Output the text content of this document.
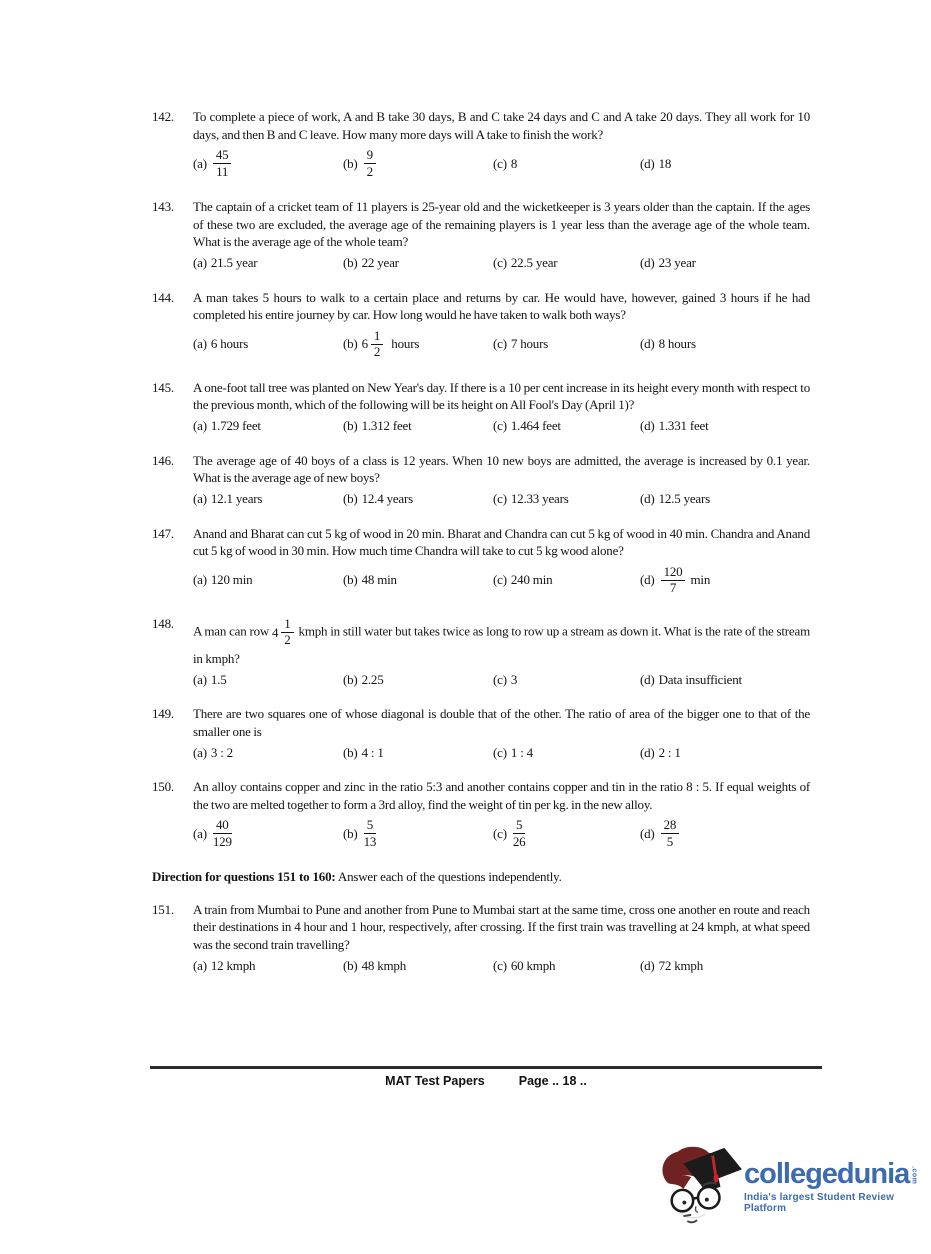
142.	To complete a piece of work, A and B take 30 days, B and C take 24 days and C and A take 20 days. They all work for 10 days, and then B and C leave. How many more days will A take to finish the work?
$(a) \frac{45}{11}$	$(b) \frac{9}{2}$	(c) 8	(d) 18
143.	The captain of a cricket team of 11 players is 25-year old and the wicketkeeper is 3 years older than the captain. If the ages of these two are excluded, the average age of the remaining players is 1 year less than the average age of the whole team. What is the average age of the whole team?
(a) 21.5 year	(b) 22 year	(c) 22.5 year	(d) 23 year
144.	A man takes 5 hours to walk to a certain place and returns by car. He would have, however, gained 3 hours if he had completed his entire journey by car. How long would he have taken to walk both ways?
(a) 6 hours	(b) $6 \frac{1}{2}$ hours	(c) 7 hours	(d) 8 hours
145.	A one-foot tall tree was planted on New Year's day. If there is a 10 per cent increase in its height every month with respect to the previous month, which of the following will be its height on All Fool's Day (April 1)?
(a) 1.729 feet	(b) 1.312 feet	(c) 1.464 feet	(d) 1.331 feet
146.	The average age of 40 boys of a class is 12 years. When 10 new boys are admitted, the average is increased by 0.1 year. What is the average age of new boys?
(a) 12.1 years	(b) 12.4 years	(c) 12.33 years	(d) 12.5 years
147.	Anand and Bharat can cut 5 kg of wood in 20 min. Bharat and Chandra can cut 5 kg of wood in 40 min. Chandra and Anand cut 5 kg of wood in 30 min. How much time Chandra will take to cut 5 kg wood alone?
(a) 120 min	(b) 48 min	(c) 240 min	$(d) \frac{120}{7}$ min
148.
A man can row $4 \frac{1}{2}$ kmph in still water but takes twice as long to row up a stream as down it. What is the rate of the stream in kmph?
(a) 1.5	(b) 2.25	(c) 3	(d) Data insufficient
149.	There are two squares one of whose diagonal is double that of the other. The ratio of area of the bigger one to that of the smaller one is
(a) 3 : 2	(b) 4 : 1	(c) 1 : 4	(d) 2 : 1
150.	An alloy contains copper and zinc in the ratio 5:3 and another contains copper and tin in the ratio 8 : 5. If equal weights of the two are melted together to form a 3rd alloy, find the weight of tin per kg. in the new alloy.
$(a) \frac{40}{129}$	$(b) \frac{5}{13}$	$(c) \frac{5}{26}$	$(d) \frac{28}{5}$
Direction for questions 151 to 160: Answer each of the questions independently.
151.	A train from Mumbai to Pune and another from Pune to Mumbai start at the same time, cross one another en route and reach their destinations in 4 hour and 1 hour, respectively, after crossing. If the first train was travelling at 24 kmph, at what speed was the second train travelling?
(a) 12 kmph	(b) 48 kmph	(c) 60 kmph	(d) 72 kmph
MAT Test Papers	Page .. 18 ..
collegedunia .com
India's largest Student Review Platform
